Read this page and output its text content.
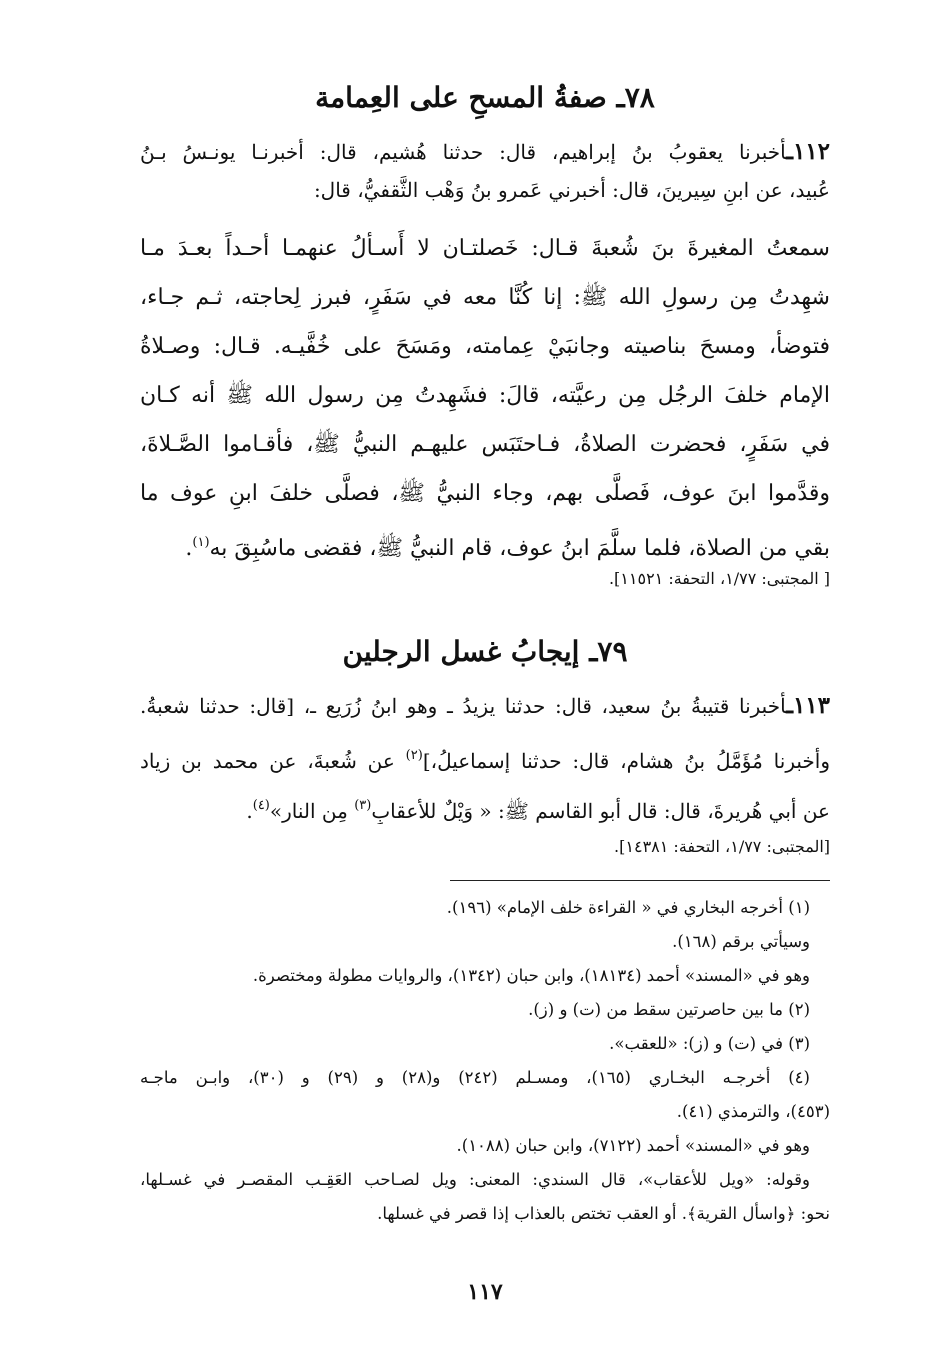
٧٨ـ صفةُ المسحِ على العِمامة
١١٢ـأخبرنا يعقوبُ بنُ إبراهيم، قال: حدثنا هُشيم، قال: أخبرنـا يونـسُ بـنُ
عُبيد، عن ابنِ سِيرينَ، قال: أخبرني عَمرو بنُ وَهْب الثَّقفيُّ، قال:
سمعتُ المغيرةَ بنَ شُعبةَ قـال: خَصلتـان لا أَسـألُ عنهمـا أحـداً بعـدَ مـا
شهِدتُ مِن رسولِ الله ﷺ: إنا كُنَّا معه في سَفَرٍ، فبرز لِحاجته، ثـم جـاء،
فتوضأ، ومسحَ بناصيته وجانبَيْ عِمامته، ومَسَحَ على خُفَّيـه. قـال: وصـلاةُ
الإمام خلفَ الرجُل مِن رعيَّته، قالَ: فشَهِدتُ مِن رسول الله ﷺ أنه كـان
في سَفَرٍ، فحضرت الصلاةُ، فـاحتَبَس عليهـم النبيُّ ﷺ، فأقـاموا الصَّـلاةَ،
وقدَّموا ابنَ عوف، فَصلَّى بهم، وجاء النبيُّ ﷺ، فصلَّى خلفَ ابنِ عوف ما
بقي من الصلاة، فلما سلَّمَ ابنُ عوف، قام النبيُّ ﷺ، فقضى ماسُبِقَ به$^{(١)}$.
[ المجتبى: ١/٧٧، التحفة: ١١٥٢١].
٧٩ـ إيجابُ غسل الرجلين
١١٣ـأخبرنا قتيبةُ بنُ سعيد، قال: حدثنا يزيدُ ـ وهو ابنُ زُرَيع ـ، [قال: حدثنا شعبةُ.
وأخبرنا مُؤَمَّلُ بنُ هشام، قال: حدثنا إسماعيلُ،]$^{(٢)}$ عن شُعبةَ، عن محمد بن زياد
عن أبي هُريرةَ، قال: قال أبو القاسم ﷺ: « وَيْلٌ للأعقابِ$^{(٣)}$ مِن النار»$^{(٤)}$.
[المجتبى: ١/٧٧، التحفة: ١٤٣٨١].
(١) أخرجه البخاري في « القراءة خلف الإمام» (١٩٦).
وسيأتي برقم (١٦٨).
وهو في «المسند» أحمد (١٨١٣٤)، وابن حبان (١٣٤٢)، والروايات مطولة ومختصرة.
(٢) ما بين حاصرتين سقط من (ت) و (ز).
(٣) في (ت) و (ز): «للعقب».
(٤) أخرجـه البخـاري (١٦٥)، ومسـلم (٢٤٢) و(٢٨) و (٢٩) و (٣٠)، وابـن ماجـه
(٤٥٣)، والترمذي (٤١).
وهو في «المسند» أحمد (٧١٢٢)، وابن حبان (١٠٨٨).
وقوله: «ويل للأعقاب»، قال السندي: المعنى: ويل لصـاحب العَقِـب المقصـر في غسـلها،
نحو: ﴿واسأل القرية﴾. أو العقب تختص بالعذاب إذا قصر في غسلها.
١١٧
